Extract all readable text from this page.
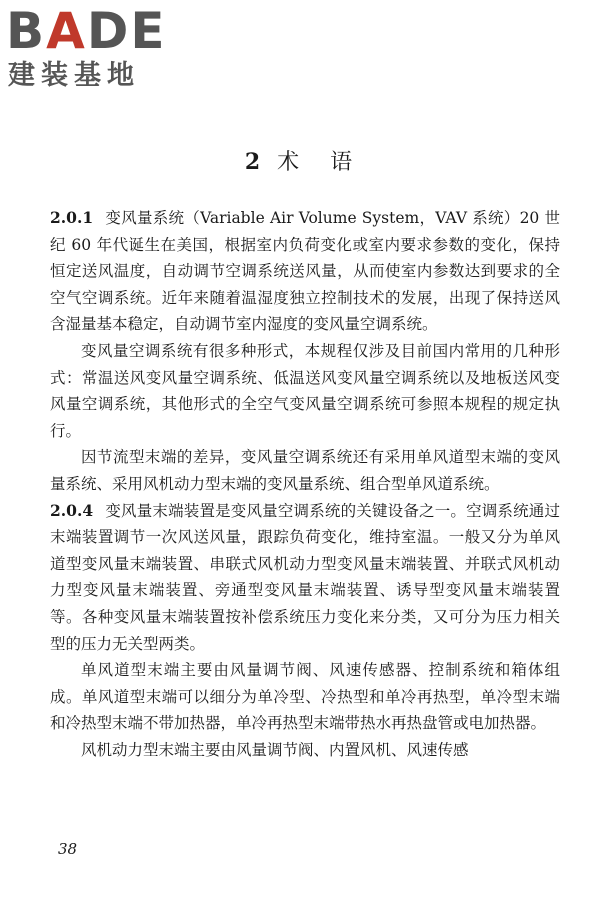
BADE
建装基地
2 术 语

2.0.1 变风量系统（Variable Air Volume System，VAV 系统）20 世纪 60 年代诞生在美国，根据室内负荷变化或室内要求参数的变化，保持恒定送风温度，自动调节空调系统送风量，从而使室内参数达到要求的全空气空调系统。近年来随着温湿度独立控制技术的发展，出现了保持送风含湿量基本稳定，自动调节室内湿度的变风量空调系统。

变风量空调系统有很多种形式，本规程仅涉及目前国内常用的几种形式：常温送风变风量空调系统、低温送风变风量空调系统以及地板送风变风量空调系统，其他形式的全空气变风量空调系统可参照本规程的规定执行。

因节流型末端的差异，变风量空调系统还有采用单风道型末端的变风量系统、采用风机动力型末端的变风量系统、组合型单风道系统。

2.0.4 变风量末端装置是变风量空调系统的关键设备之一。空调系统通过末端装置调节一次风送风量，跟踪负荷变化，维持室温。一般又分为单风道型变风量末端装置、串联式风机动力型变风量末端装置、并联式风机动力型变风量末端装置、旁通型变风量末端装置、诱导型变风量末端装置等。各种变风量末端装置按补偿系统压力变化来分类，又可分为压力相关型的压力无关型两类。

单风道型末端主要由风量调节阀、风速传感器、控制系统和箱体组成。单风道型末端可以细分为单冷型、冷热型和单冷再热型，单冷型末端和冷热型末端不带加热器，单冷再热型末端带热水再热盘管或电加热器。

风机动力型末端主要由风量调节阀、内置风机、风速传感

38
